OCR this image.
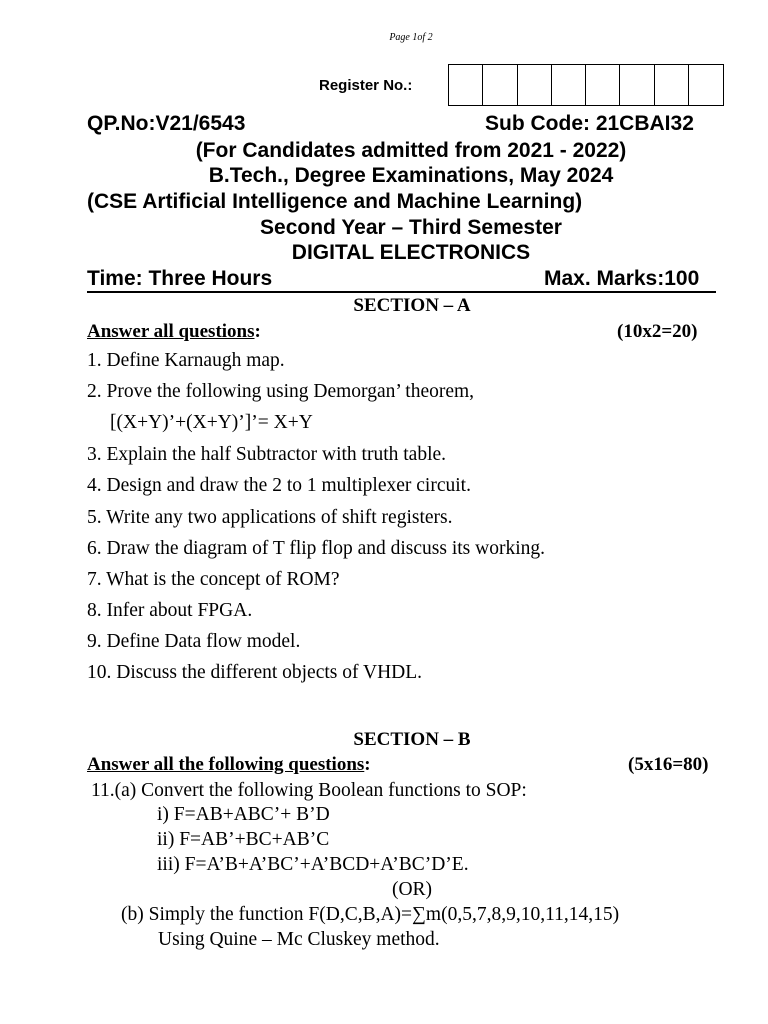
Page 1of 2
Register No.:
QP.No:V21/6543	Sub Code: 21CBAI32
(For Candidates admitted from 2021 - 2022)
B.Tech., Degree Examinations, May 2024
(CSE Artificial Intelligence and Machine Learning)
Second Year – Third Semester
DIGITAL ELECTRONICS
Time: Three Hours	Max. Marks:100
SECTION – A
Answer all questions:	(10x2=20)
1. Define Karnaugh map.
2. Prove the following using Demorgan’ theorem,
[(X+Y)’+(X+Y)’]’= X+Y
3. Explain the half Subtractor with truth table.
4. Design and draw the 2 to 1 multiplexer circuit.
5. Write any two applications of shift registers.
6. Draw the diagram of T flip flop and discuss its working.
7. What is the concept of ROM?
8. Infer about FPGA.
9. Define Data flow model.
10. Discuss the different objects of VHDL.
SECTION – B
Answer all the following questions:	(5x16=80)
11.(a) Convert the following Boolean functions to SOP:
i) F=AB+ABC’+ B’D
ii) F=AB’+BC+AB’C
iii) F=A’B+A’BC’+A’BCD+A’BC’D’E.
(OR)
(b) Simply the function F(D,C,B,A)=∑m(0,5,7,8,9,10,11,14,15)
Using Quine – Mc Cluskey method.
